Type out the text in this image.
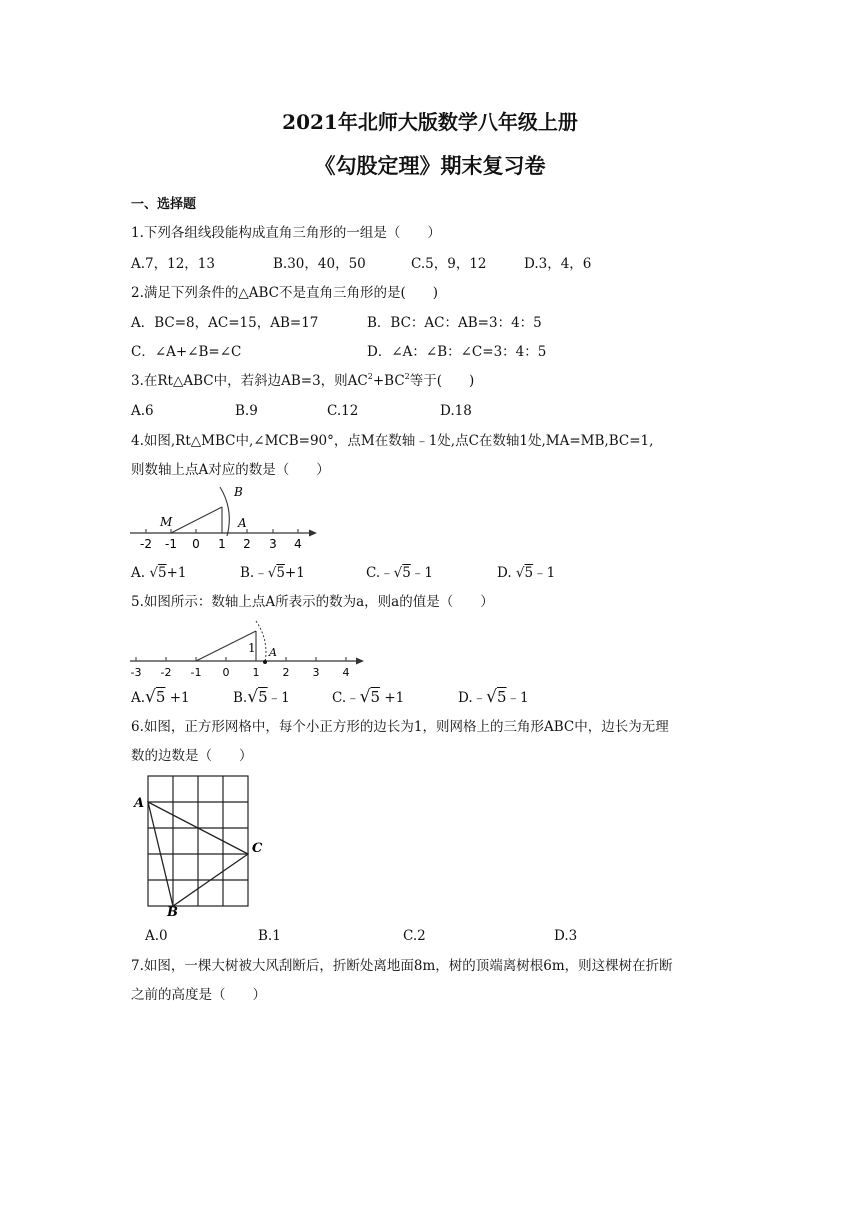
2021年北师大版数学八年级上册
《勾股定理》期末复习卷
一、选择题
1.下列各组线段能构成直角三角形的一组是（　　）
A.7，12，13	B.30，40，50	C.5，9，12	D.3，4，6
2.满足下列条件的△ABC不是直角三角形的是(　　)
A．BC=8，AC=15，AB=17	B．BC：AC：AB=3：4：5
C．∠A+∠B=∠C	D．∠A：∠B：∠C=3：4：5
3.在Rt△ABC中，若斜边AB=3，则$AC^2+BC^2$等于(　　)
A.6	B.9	C.12	D.18
4.如图,Rt△MBC中,∠MCB=90°，点M在数轴﹣1处,点C在数轴1处,MA=MB,BC=1,
则数轴上点A对应的数是（　　）
B
M	A
-2 -1 0 1 2 3 4
A. √5+1	B.﹣√5+1	C.﹣√5﹣1	D. √5﹣1
5.如图所示：数轴上点A所表示的数为a，则a的值是（　　）
1 A
-3 -2 -1 0 1 2 3 4
A.√5 +1	B.√5﹣1	C.﹣√5 +1	D.﹣√5﹣1
6.如图，正方形网格中，每个小正方形的边长为1，则网格上的三角形ABC中，边长为无理
数的边数是（　　）
A
B
C
A.0	B.1	C.2	D.3
7.如图，一棵大树被大风刮断后，折断处离地面8m，树的顶端离树根6m，则这棵树在折断
之前的高度是（　　）
